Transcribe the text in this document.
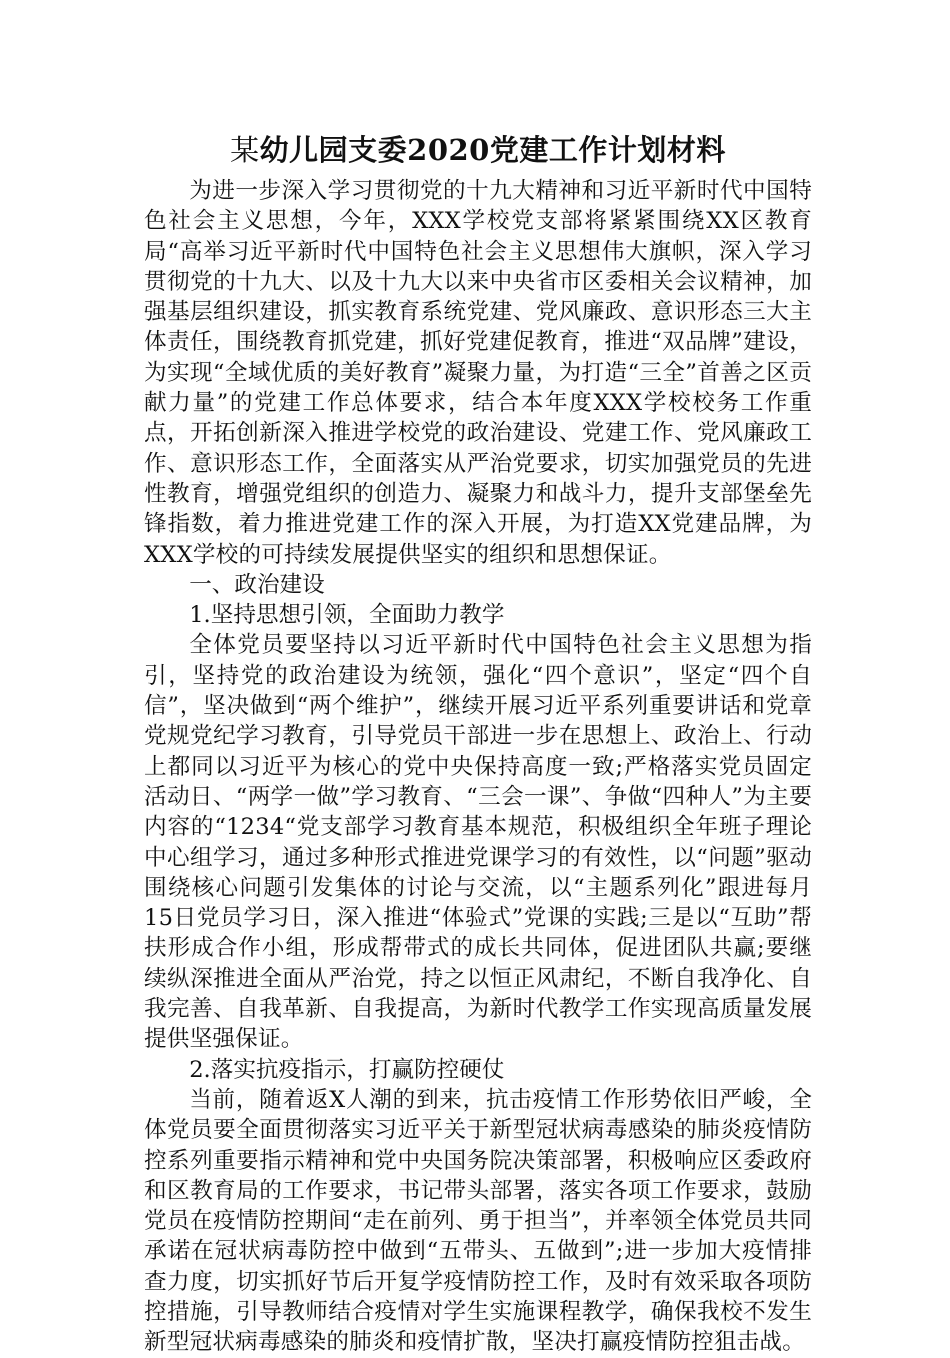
某幼儿园支委2020党建工作计划材料

为进一步深入学习贯彻党的十九大精神和习近平新时代中国特色社会主义思想，今年，XXX学校党支部将紧紧围绕XX区教育局“高举习近平新时代中国特色社会主义思想伟大旗帜，深入学习贯彻党的十九大、以及十九大以来中央省市区委相关会议精神，加强基层组织建设，抓实教育系统党建、党风廉政、意识形态三大主体责任，围绕教育抓党建，抓好党建促教育，推进“双品牌”建设，为实现“全域优质的美好教育”凝聚力量，为打造“三全”首善之区贡献力量”的党建工作总体要求，结合本年度XXX学校校务工作重点，开拓创新深入推进学校党的政治建设、党建工作、党风廉政工作、意识形态工作，全面落实从严治党要求，切实加强党员的先进性教育，增强党组织的创造力、凝聚力和战斗力，提升支部堡垒先锋指数，着力推进党建工作的深入开展，为打造XX党建品牌，为XXX学校的可持续发展提供坚实的组织和思想保证。

一、政治建设

1.坚持思想引领，全面助力教学

全体党员要坚持以习近平新时代中国特色社会主义思想为指引，坚持党的政治建设为统领，强化“四个意识”，坚定“四个自信”，坚决做到“两个维护”，继续开展习近平系列重要讲话和党章党规党纪学习教育，引导党员干部进一步在思想上、政治上、行动上都同以习近平为核心的党中央保持高度一致;严格落实党员固定活动日、“两学一做”学习教育、“三会一课”、争做“四种人”为主要内容的“1234“党支部学习教育基本规范，积极组织全年班子理论中心组学习，通过多种形式推进党课学习的有效性，以“问题”驱动围绕核心问题引发集体的讨论与交流，以“主题系列化”跟进每月15日党员学习日，深入推进“体验式”党课的实践;三是以“互助”帮扶形成合作小组，形成帮带式的成长共同体，促进团队共赢;要继续纵深推进全面从严治党，持之以恒正风肃纪，不断自我净化、自我完善、自我革新、自我提高，为新时代教学工作实现高质量发展提供坚强保证。

2.落实抗疫指示，打赢防控硬仗

当前，随着返X人潮的到来，抗击疫情工作形势依旧严峻，全体党员要全面贯彻落实习近平关于新型冠状病毒感染的肺炎疫情防控系列重要指示精神和党中央国务院决策部署，积极响应区委政府和区教育局的工作要求，书记带头部署，落实各项工作要求，鼓励党员在疫情防控期间“走在前列、勇于担当”，并率领全体党员共同承诺在冠状病毒防控中做到“五带头、五做到”;进一步加大疫情排查力度，切实抓好节后开复学疫情防控工作，及时有效采取各项防控措施，引导教师结合疫情对学生实施课程教学，确保我校不发生新型冠状病毒感染的肺炎和疫情扩散，坚决打赢疫情防控狙击战。
